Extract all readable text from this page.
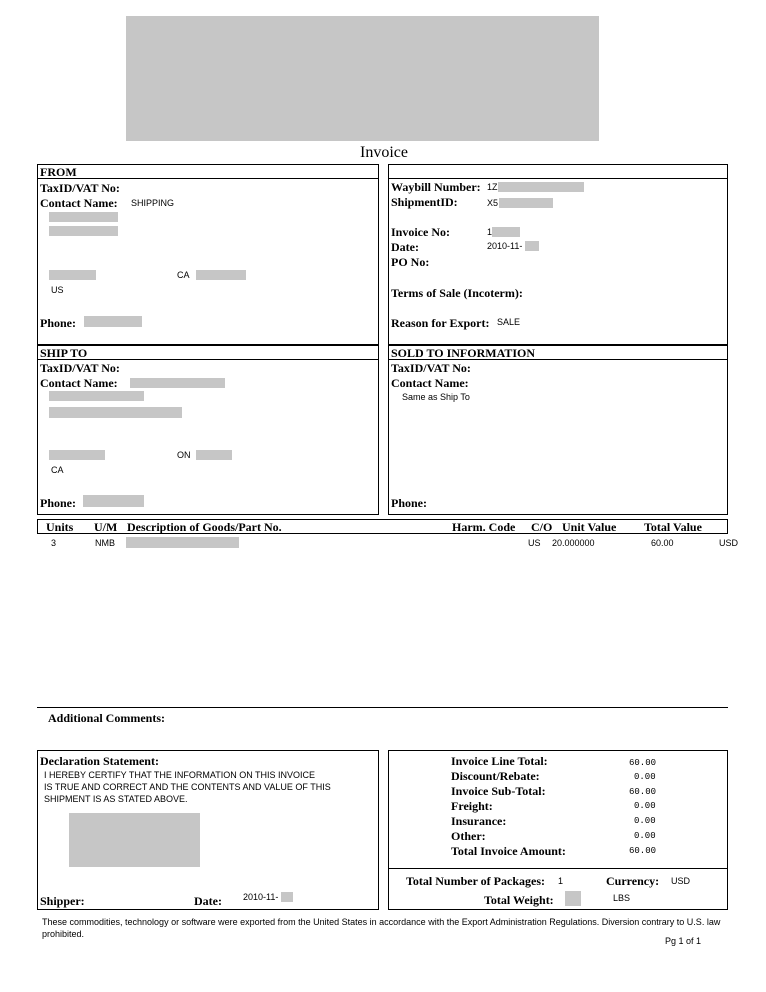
Invoice
FROM
TaxID/VAT No:
Contact Name: SHIPPING
CA
US
Phone:
Waybill Number: 1Z
ShipmentID:	X5
Invoice No:	1
Date:	2010-11-
PO No:
Terms of Sale (Incoterm):
Reason for Export: SALE
SHIP TO
TaxID/VAT No:
Contact Name:
ON
CA
Phone:
SOLD TO INFORMATION
TaxID/VAT No:
Contact Name:
Same as Ship To
Phone:
Units U/M Description of Goods/Part No.	Harm. Code C/O Unit Value Total Value
3	NMB	US 20.000000	60.00	USD
Additional Comments:
Declaration Statement:
I HEREBY CERTIFY THAT THE INFORMATION ON THIS INVOICE
IS TRUE AND CORRECT AND THE CONTENTS AND VALUE OF THIS
SHIPMENT IS AS STATED ABOVE.
Shipper:	Date: 2010-11-
Invoice Line Total:	60.00
Discount/Rebate:	0.00
Invoice Sub-Total:	60.00
Freight:	0.00
Insurance:	0.00
Other:	0.00
Total Invoice Amount:	60.00
Total Number of Packages: 1	Currency: USD
Total Weight:	LBS
These commodities, technology or software were exported from the United States in accordance with the Export Administration Regulations. Diversion contrary to U.S. law prohibited.
Pg 1 of 1
